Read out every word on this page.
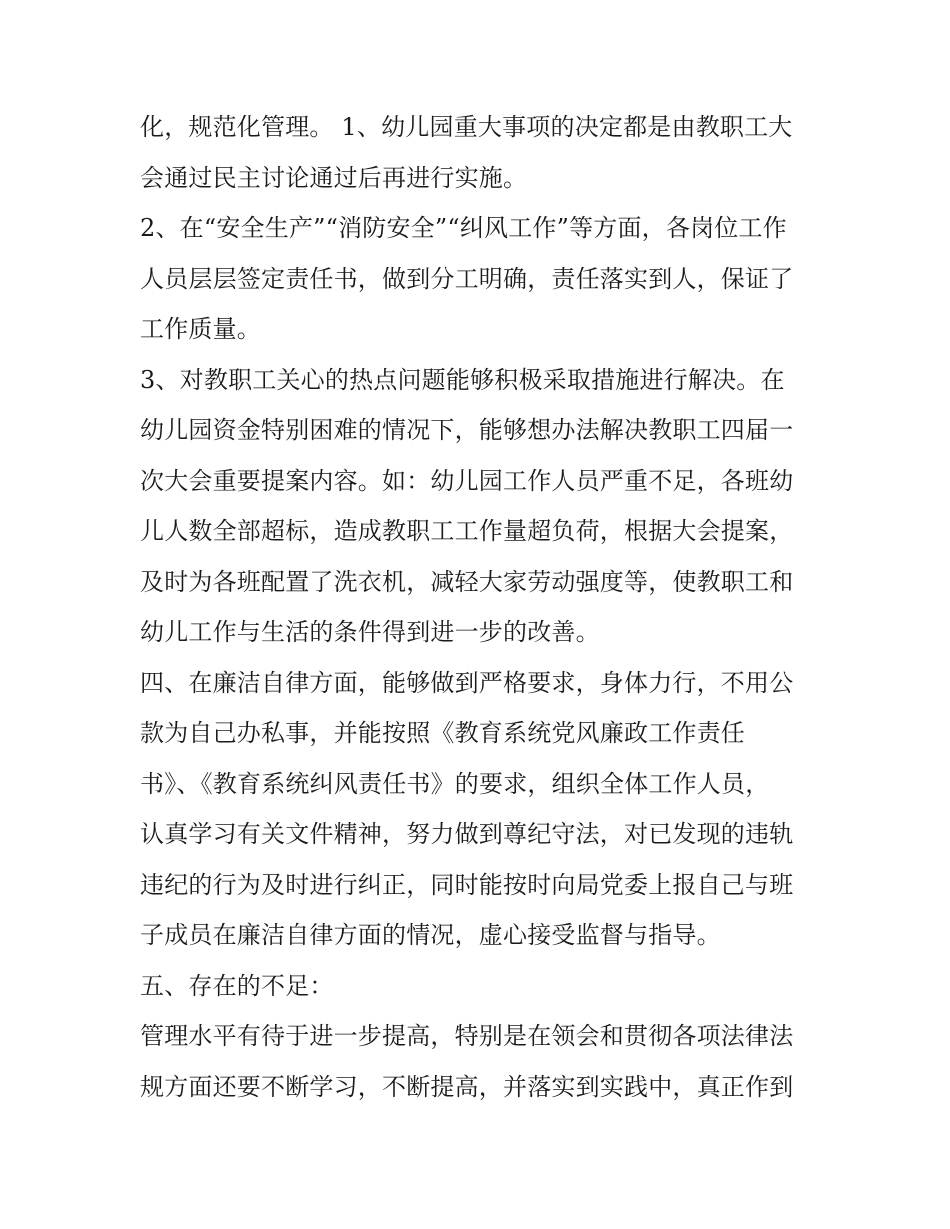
化，规范化管理。 1、幼儿园重大事项的决定都是由教职工大
会通过民主讨论通过后再进行实施。
2、在“安全生产”“消防安全”“纠风工作”等方面，各岗位工作
人员层层签定责任书，做到分工明确，责任落实到人，保证了
工作质量。
3、对教职工关心的热点问题能够积极采取措施进行解决。在
幼儿园资金特别困难的情况下，能够想办法解决教职工四届一
次大会重要提案内容。如：幼儿园工作人员严重不足，各班幼
儿人数全部超标，造成教职工工作量超负荷，根据大会提案，
及时为各班配置了洗衣机，减轻大家劳动强度等，使教职工和
幼儿工作与生活的条件得到进一步的改善。
四、在廉洁自律方面，能够做到严格要求，身体力行，不用公
款为自己办私事，并能按照《教育系统党风廉政工作责任
书》、《教育系统纠风责任书》的要求，组织全体工作人员，
认真学习有关文件精神，努力做到尊纪守法，对已发现的违轨
违纪的行为及时进行纠正，同时能按时向局党委上报自己与班
子成员在廉洁自律方面的情况，虚心接受监督与指导。
五、存在的不足：
管理水平有待于进一步提高，特别是在领会和贯彻各项法律法
规方面还要不断学习，不断提高，并落实到实践中，真正作到
